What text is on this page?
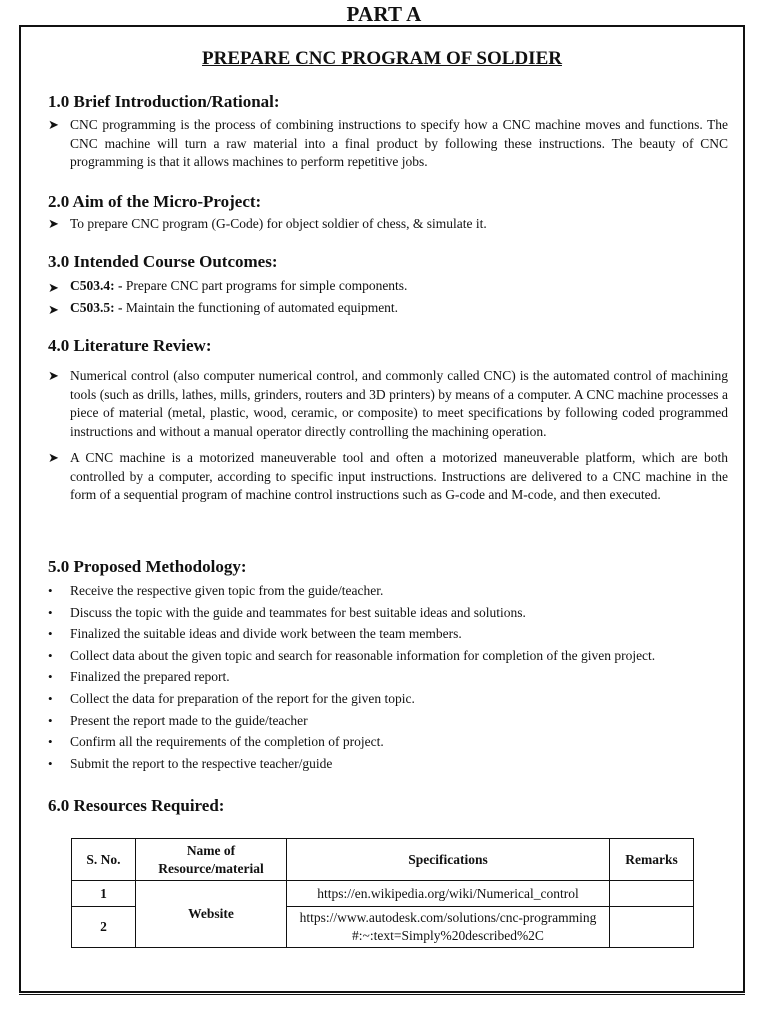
PART A
PREPARE CNC PROGRAM OF SOLDIER

1.0 Brief Introduction/Rational:

➤ CNC programming is the process of combining instructions to specify how a CNC machine moves and functions. The CNC machine will turn a raw material into a final product by following these instructions. The beauty of CNC programming is that it allows machines to perform repetitive jobs.

2.0 Aim of the Micro-Project:

➤ To prepare CNC program (G-Code) for object soldier of chess, & simulate it.

3.0 Intended Course Outcomes:

➤ C503.4: - Prepare CNC part programs for simple components.
➤ C503.5: - Maintain the functioning of automated equipment.

4.0 Literature Review:

➤ Numerical control (also computer numerical control, and commonly called CNC) is the automated control of machining tools (such as drills, lathes, mills, grinders, routers and 3D printers) by means of a computer. A CNC machine processes a piece of material (metal, plastic, wood, ceramic, or composite) to meet specifications by following coded programmed instructions and without a manual operator directly controlling the machining operation.
➤ A CNC machine is a motorized maneuverable tool and often a motorized maneuverable platform, which are both controlled by a computer, according to specific input instructions. Instructions are delivered to a CNC machine in the form of a sequential program of machine control instructions such as G-code and M-code, and then executed.

5.0 Proposed Methodology:

• Receive the respective given topic from the guide/teacher.
• Discuss the topic with the guide and teammates for best suitable ideas and solutions.
• Finalized the suitable ideas and divide work between the team members.
• Collect data about the given topic and search for reasonable information for completion of the given project.
• Finalized the prepared report.
• Collect the data for preparation of the report for the given topic.
• Present the report made to the guide/teacher
• Confirm all the requirements of the completion of project.
• Submit the report to the respective teacher/guide

6.0 Resources Required:

S. No.	Name of Resource/material	Specifications	Remarks
1	Website	https://en.wikipedia.org/wiki/Numerical_control	
2		https://www.autodesk.com/solutions/cnc-programming#:~:text=Simply%20described%2C	
